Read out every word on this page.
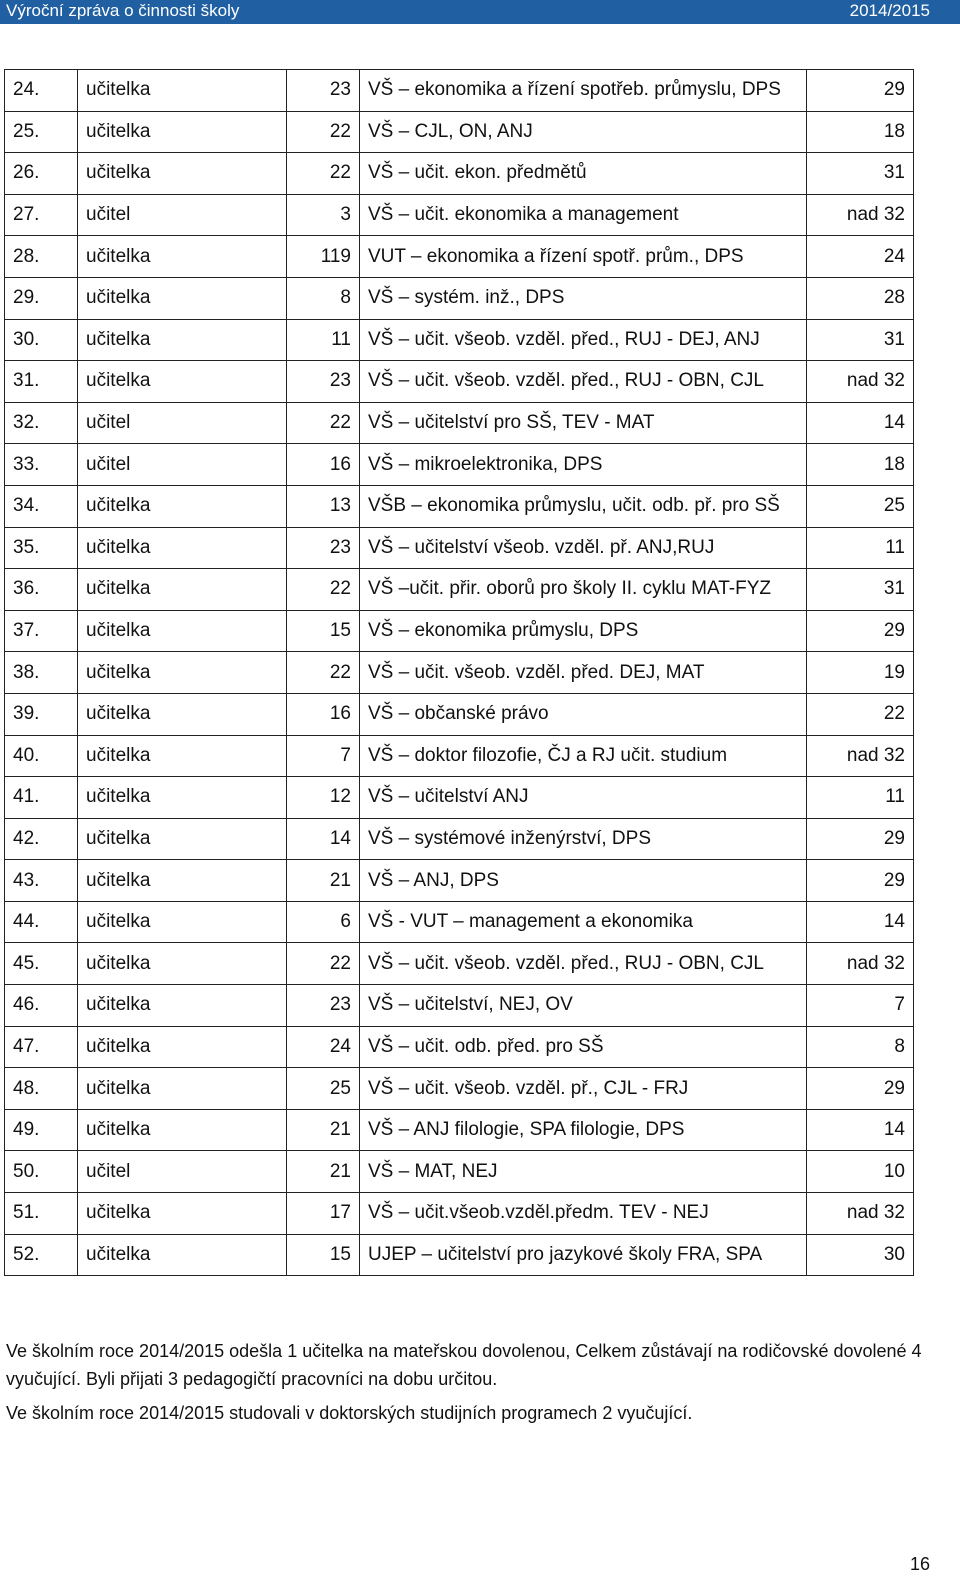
Výroční zpráva o činnosti školy	2014/2015
24.	učitelka	23	VŠ – ekonomika a řízení spotřeb. průmyslu, DPS	29
25.	učitelka	22	VŠ – CJL, ON, ANJ	18
26.	učitelka	22	VŠ – učit. ekon. předmětů	31
27.	učitel	3	VŠ – učit. ekonomika a management	nad 32
28.	učitelka	119	VUT – ekonomika a řízení spotř. prům., DPS	24
29.	učitelka	8	VŠ – systém. inž., DPS	28
30.	učitelka	11	VŠ – učit. všeob. vzděl. před., RUJ - DEJ, ANJ	31
31.	učitelka	23	VŠ – učit. všeob. vzděl. před., RUJ - OBN, CJL	nad 32
32.	učitel	22	VŠ – učitelství pro SŠ, TEV - MAT	14
33.	učitel	16	VŠ – mikroelektronika, DPS	18
34.	učitelka	13	VŠB – ekonomika průmyslu, učit. odb. př. pro SŠ	25
35.	učitelka	23	VŠ – učitelství všeob. vzděl. př. ANJ,RUJ	11
36.	učitelka	22	VŠ –učit. přir. oborů pro školy II. cyklu MAT-FYZ	31
37.	učitelka	15	VŠ – ekonomika průmyslu, DPS	29
38.	učitelka	22	VŠ – učit. všeob. vzděl. před. DEJ, MAT	19
39.	učitelka	16	VŠ – občanské právo	22
40.	učitelka	7	VŠ – doktor filozofie, ČJ a RJ učit. studium	nad 32
41.	učitelka	12	VŠ – učitelství ANJ	11
42.	učitelka	14	VŠ – systémové inženýrství, DPS	29
43.	učitelka	21	VŠ – ANJ, DPS	29
44.	učitelka	6	VŠ - VUT – management a ekonomika	14
45.	učitelka	22	VŠ – učit. všeob. vzděl. před., RUJ - OBN, CJL	nad 32
46.	učitelka	23	VŠ – učitelství, NEJ, OV	7
47.	učitelka	24	VŠ – učit. odb. před. pro SŠ	8
48.	učitelka	25	VŠ – učit. všeob. vzděl. př., CJL - FRJ	29
49.	učitelka	21	VŠ – ANJ filologie, SPA filologie, DPS	14
50.	učitel	21	VŠ – MAT, NEJ	10
51.	učitelka	17	VŠ – učit.všeob.vzděl.předm. TEV - NEJ	nad 32
52.	učitelka	15	UJEP – učitelství pro jazykové školy FRA, SPA	30

Ve školním roce 2014/2015 odešla 1 učitelka na mateřskou dovolenou, Celkem zůstávají na rodičovské dovolené 4 vyučující. Byli přijati 3 pedagogičtí pracovníci na dobu určitou.

Ve školním roce 2014/2015 studovali v doktorských studijních programech 2 vyučující.

16
